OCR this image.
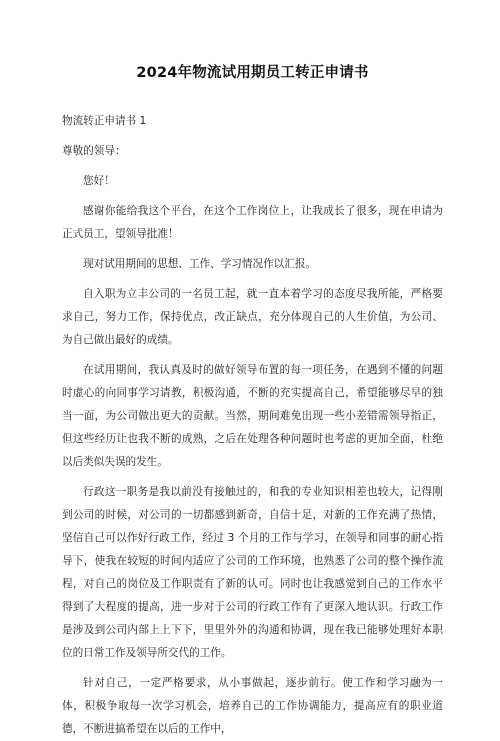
2024年物流试用期员工转正申请书
物流转正申请书 1
尊敬的领导：
您好！
感谢你能给我这个平台，在这个工作岗位上，让我成长了很多，现在申请为正式员工，望领导批准！
现对试用期间的思想、工作、学习情况作以汇报。
自入职为立丰公司的一名员工起，就一直本着学习的态度尽我所能，严格要求自己，努力工作，保持优点，改正缺点，充分体现自己的人生价值，为公司、为自己做出最好的成绩。
在试用期间，我认真及时的做好领导布置的每一项任务，在遇到不懂的问题时虚心的向同事学习请教，积极沟通，不断的充实提高自己，希望能够尽早的独当一面，为公司做出更大的贡献。当然，期间难免出现一些小差错需领导指正，但这些经历让也我不断的成熟，之后在处理各种问题时也考虑的更加全面，杜绝以后类似失误的发生。
行政这一职务是我以前没有接触过的，和我的专业知识相差也较大，记得刚到公司的时候，对公司的一切都感到新奇，自信十足，对新的工作充满了热情，坚信自己可以作好行政工作，经过 3 个月的工作与学习，在领导和同事的耐心指导下，使我在较短的时间内适应了公司的工作环境，也熟悉了公司的整个操作流程，对自己的岗位及工作职责有了新的认可。同时也让我感觉到自己的工作水平得到了大程度的提高，进一步对于公司的行政工作有了更深入地认识。行政工作是涉及到公司内部上上下下，里里外外的沟通和协调，现在我已能够处理好本职位的日常工作及领导所交代的工作。
针对自己，一定严格要求，从小事做起，逐步前行。使工作和学习融为一体，积极争取每一次学习机会，培养自己的工作协调能力，提高应有的职业道德，不断进搞希望在以后的工作中，
